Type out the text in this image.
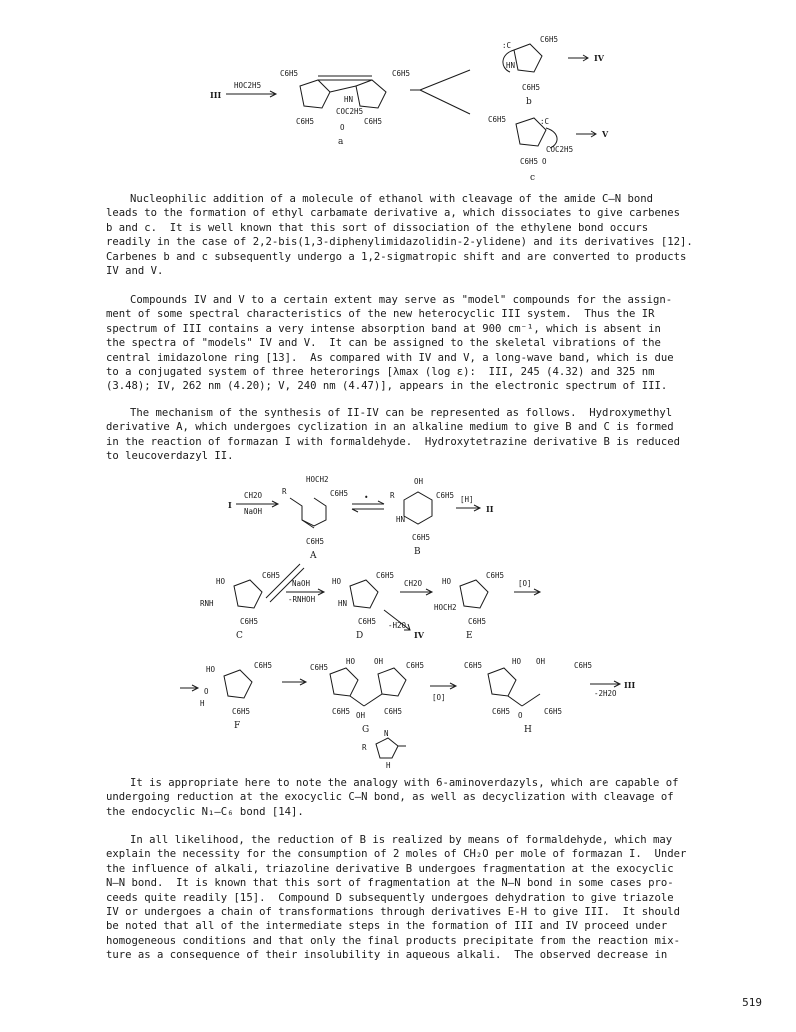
III
HOC2H5
C6H5	C6H5
C6H5	C6H5
COC2H5
O
HN
a
:C
C6H5
HN
C6H5
b
IV
C6H5	:C
COC2H5
C6H5 O
c
V
Nucleophilic addition of a molecule of ethanol with cleavage of the amide C—N bond
leads to the formation of ethyl carbamate derivative a, which dissociates to give carbenes
b and c.  It is well known that this sort of dissociation of the ethylene bond occurs
readily in the case of 2,2-bis(1,3-diphenylimidazolidin-2-ylidene) and its derivatives [12].
Carbenes b and c subsequently undergo a 1,2-sigmatropic shift and are converted to products
IV and V.
Compounds IV and V to a certain extent may serve as "model" compounds for the assign-
ment of some spectral characteristics of the new heterocyclic III system.  Thus the IR
spectrum of III contains a very intense absorption band at 900 cm⁻¹, which is absent in
the spectra of "models" IV and V.  It can be assigned to the skeletal vibrations of the
central imidazolone ring [13].  As compared with IV and V, a long-wave band, which is due
to a conjugated system of three heterorings [λmax (log ε):  III, 245 (4.32) and 325 nm
(3.48); IV, 262 nm (4.20); V, 240 nm (4.47)], appears in the electronic spectrum of III.
The mechanism of the synthesis of II-IV can be represented as follows.  Hydroxymethyl
derivative A, which undergoes cyclization in an alkaline medium to give B and C is formed
in the reaction of formazan I with formaldehyde.  Hydroxytetrazine derivative B is reduced
to leucoverdazyl II.
I
CH2O
NaOH
R
HOCH2
C6H5
C6H5
A
•	R
OH
C6H5
HN
C6H5
B
[H]
II
HO
C6H5
RNH
C6H5
C
NaOH
-RNHOH
HO
C6H5
HN
C6H5
D
CH2O
-H2O
IV
HO
C6H5
HOCH2
C6H5
E
[O]
HO	C6H5
O
H
C6H5
F
C6H5
HO	OH	C6H5
C6H5 OH	C6H5
G
[O]
C6H5	HO OH	C6H5
C6H5 O	C6H5
H
-2H2O
III
R
N
H
It is appropriate here to note the analogy with 6-aminoverdazyls, which are capable of
undergoing reduction at the exocyclic C—N bond, as well as decyclization with cleavage of
the endocyclic N₁—C₆ bond [14].
In all likelihood, the reduction of B is realized by means of formaldehyde, which may
explain the necessity for the consumption of 2 moles of CH₂O per mole of formazan I.  Under
the influence of alkali, triazoline derivative B undergoes fragmentation at the exocyclic
N—N bond.  It is known that this sort of fragmentation at the N—N bond in some cases pro-
ceeds quite readily [15].  Compound D subsequently undergoes dehydration to give triazole
IV or undergoes a chain of transformations through derivatives E-H to give III.  It should
be noted that all of the intermediate steps in the formation of III and IV proceed under
homogeneous conditions and that only the final products precipitate from the reaction mix-
ture as a consequence of their insolubility in aqueous alkali.  The observed decrease in
519
